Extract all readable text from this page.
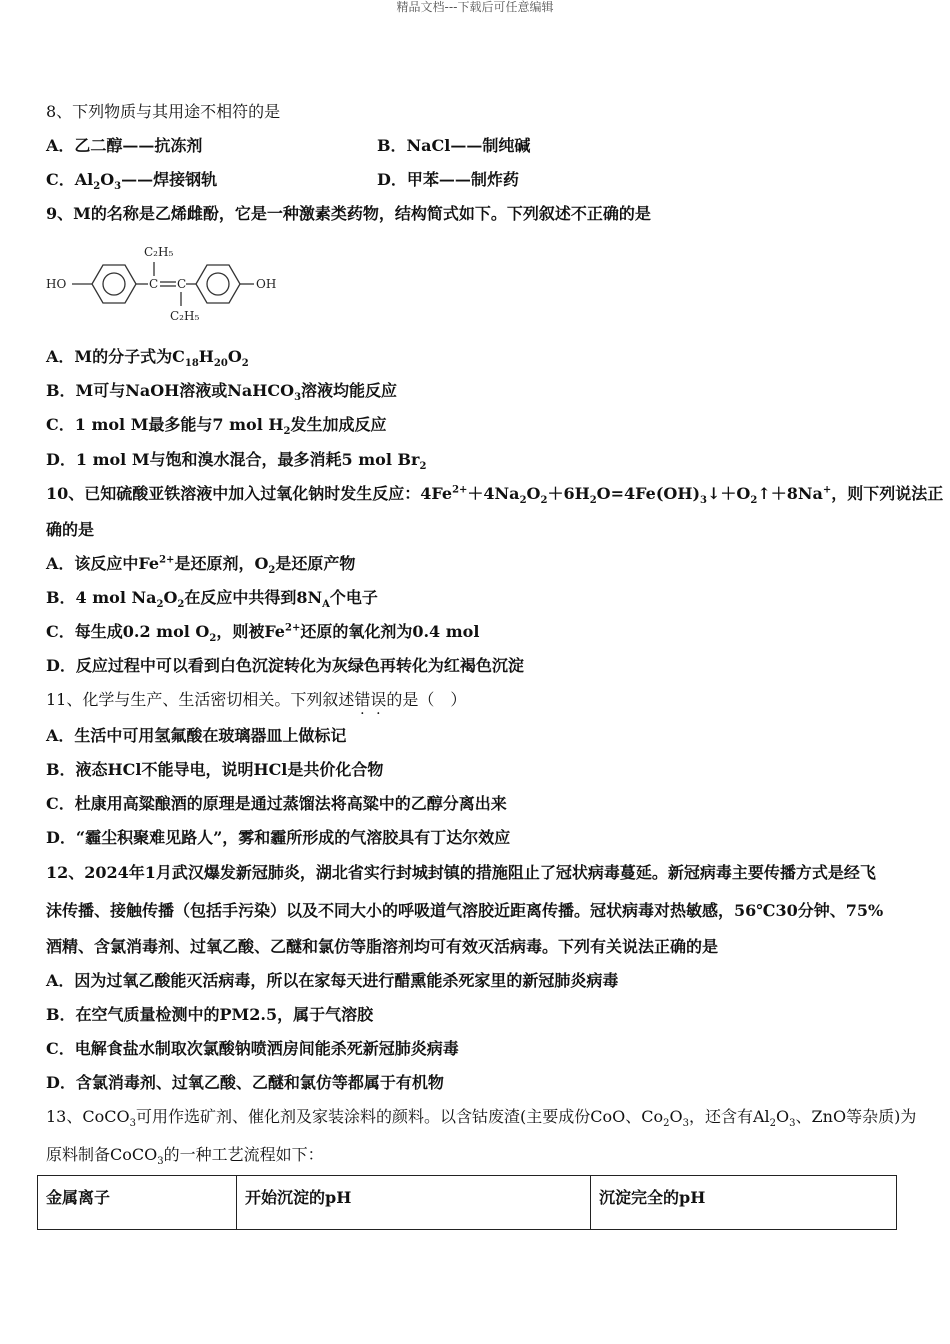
精品文档---下载后可任意编辑
8、下列物质与其用途不相符的是
A．乙二醇——抗冻剂	B．NaCl——制纯碱
C．$Al_2O_3——$焊接钢轨	D．甲苯——制炸药
9、M的名称是乙烯雌酚，它是一种激素类药物，结构简式如下。下列叙述不正确的是
HO	OH
C C
C₂H₅
C₂H₅
A．M的分子式为$C_{18}H_{20}O_2$
B．M可与NaOH溶液或NaHCO$_3$溶液均能反应
C．1 mol M最多能与7 mol $H_2$发生加成反应
D．1 mol M与饱和溴水混合，最多消耗5 mol $Br_2$
10、已知硫酸亚铁溶液中加入过氧化钠时发生反应：$4Fe^{2+}+4Na_2O_2+6H_2O=4Fe(OH)_3↓+O_2↑+8Na^+$，则下列说法正
确的是
A．该反应中$Fe^{2+}$是还原剂，$O_2$是还原产物
B．4 mol $Na_2O_2$在反应中共得到$8N_A$个电子
C．每生成0.2 mol $O_2$，则被$Fe^{2+}$还原的氧化剂为0.4 mol
D．反应过程中可以看到白色沉淀转化为灰绿色再转化为红褐色沉淀
11、化学与生产、生活密切相关。下列叙述错误的是（　）
A．生活中可用氢氟酸在玻璃器皿上做标记
B．液态HCl不能导电，说明HCl是共价化合物
C．杜康用高粱酿酒的原理是通过蒸馏法将高粱中的乙醇分离出来
D．“霾尘积聚难见路人”，雾和霾所形成的气溶胶具有丁达尔效应
12、2024年1月武汉爆发新冠肺炎，湖北省实行封城封镇的措施阻止了冠状病毒蔓延。新冠病毒主要传播方式是经飞
沫传播、接触传播（包括手污染）以及不同大小的呼吸道气溶胶近距离传播。冠状病毒对热敏感，56℃30分钟、75%
酒精、含氯消毒剂、过氧乙酸、乙醚和氯仿等脂溶剂均可有效灭活病毒。下列有关说法正确的是
A．因为过氧乙酸能灭活病毒，所以在家每天进行醋熏能杀死家里的新冠肺炎病毒
B．在空气质量检测中的PM2.5，属于气溶胶
C．电解食盐水制取次氯酸钠喷洒房间能杀死新冠肺炎病毒
D．含氯消毒剂、过氧乙酸、乙醚和氯仿等都属于有机物
13、CoCO$_3$可用作选矿剂、催化剂及家装涂料的颜料。以含钴废渣(主要成份CoO、$Co_2O_3$，还含有$Al_2O_3$、ZnO等杂质)为
原料制备CoCO$_3$的一种工艺流程如下：
金属离子	开始沉淀的pH	沉淀完全的pH
